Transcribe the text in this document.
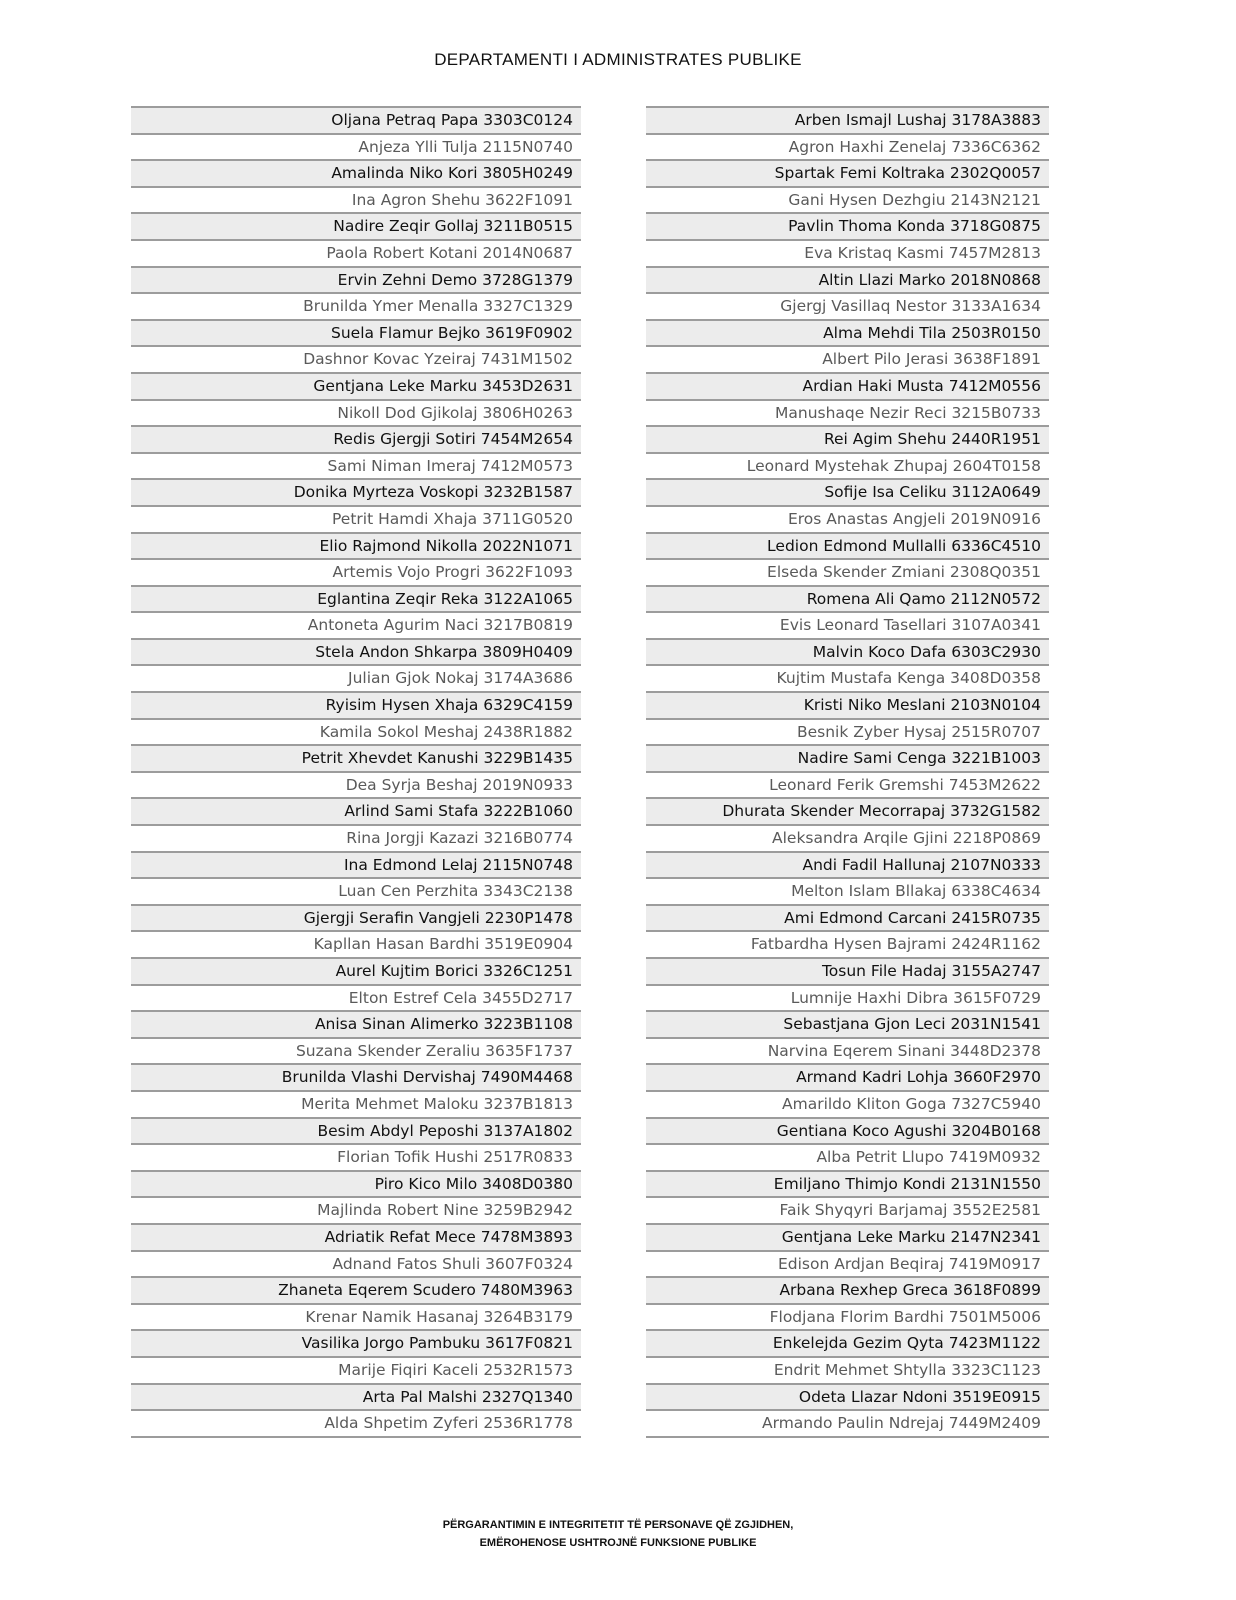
DEPARTAMENTI I ADMINISTRATES PUBLIKE
Oljana Petraq Papa 3303C0124
Anjeza Ylli Tulja 2115N0740
Amalinda Niko Kori 3805H0249
Ina Agron Shehu 3622F1091
Nadire Zeqir Gollaj 3211B0515
Paola Robert Kotani 2014N0687
Ervin Zehni Demo 3728G1379
Brunilda Ymer Menalla 3327C1329
Suela Flamur Bejko 3619F0902
Dashnor Kovac Yzeiraj 7431M1502
Gentjana Leke Marku 3453D2631
Nikoll Dod Gjikolaj 3806H0263
Redis Gjergji Sotiri 7454M2654
Sami Niman Imeraj 7412M0573
Donika Myrteza Voskopi 3232B1587
Petrit Hamdi Xhaja 3711G0520
Elio Rajmond Nikolla 2022N1071
Artemis Vojo Progri 3622F1093
Eglantina Zeqir Reka 3122A1065
Antoneta Agurim Naci 3217B0819
Stela Andon Shkarpa 3809H0409
Julian Gjok Nokaj 3174A3686
Ryisim Hysen Xhaja 6329C4159
Kamila Sokol Meshaj 2438R1882
Petrit Xhevdet Kanushi 3229B1435
Dea Syrja Beshaj 2019N0933
Arlind Sami Stafa 3222B1060
Rina Jorgji Kazazi 3216B0774
Ina Edmond Lelaj 2115N0748
Luan Cen Perzhita 3343C2138
Gjergji Serafin Vangjeli 2230P1478
Kapllan Hasan Bardhi 3519E0904
Aurel Kujtim Borici 3326C1251
Elton Estref Cela 3455D2717
Anisa Sinan Alimerko 3223B1108
Suzana Skender Zeraliu 3635F1737
Brunilda Vlashi Dervishaj 7490M4468
Merita Mehmet Maloku 3237B1813
Besim Abdyl Peposhi 3137A1802
Florian Tofik Hushi 2517R0833
Piro Kico Milo 3408D0380
Majlinda Robert Nine 3259B2942
Adriatik Refat Mece 7478M3893
Adnand Fatos Shuli 3607F0324
Zhaneta Eqerem Scudero 7480M3963
Krenar Namik Hasanaj 3264B3179
Vasilika Jorgo Pambuku 3617F0821
Marije Fiqiri Kaceli 2532R1573
Arta Pal Malshi 2327Q1340
Alda Shpetim Zyferi 2536R1778
Arben Ismajl Lushaj 3178A3883
Agron Haxhi Zenelaj 7336C6362
Spartak Femi Koltraka 2302Q0057
Gani Hysen Dezhgiu 2143N2121
Pavlin Thoma Konda 3718G0875
Eva Kristaq Kasmi 7457M2813
Altin Llazi Marko 2018N0868
Gjergj Vasillaq Nestor 3133A1634
Alma Mehdi Tila 2503R0150
Albert Pilo Jerasi 3638F1891
Ardian Haki Musta 7412M0556
Manushaqe Nezir Reci 3215B0733
Rei Agim Shehu 2440R1951
Leonard Mystehak Zhupaj 2604T0158
Sofije Isa Celiku 3112A0649
Eros Anastas Angjeli 2019N0916
Ledion Edmond Mullalli 6336C4510
Elseda Skender Zmiani 2308Q0351
Romena Ali Qamo 2112N0572
Evis Leonard Tasellari 3107A0341
Malvin Koco Dafa 6303C2930
Kujtim Mustafa Kenga 3408D0358
Kristi Niko Meslani 2103N0104
Besnik Zyber Hysaj 2515R0707
Nadire Sami Cenga 3221B1003
Leonard Ferik Gremshi 7453M2622
Dhurata Skender Mecorrapaj 3732G1582
Aleksandra Arqile Gjini 2218P0869
Andi Fadil Hallunaj 2107N0333
Melton Islam Bllakaj 6338C4634
Ami Edmond Carcani 2415R0735
Fatbardha Hysen Bajrami 2424R1162
Tosun File Hadaj 3155A2747
Lumnije Haxhi Dibra 3615F0729
Sebastjana Gjon Leci 2031N1541
Narvina Eqerem Sinani 3448D2378
Armand Kadri Lohja 3660F2970
Amarildo Kliton Goga 7327C5940
Gentiana Koco Agushi 3204B0168
Alba Petrit Llupo 7419M0932
Emiljano Thimjo Kondi 2131N1550
Faik Shyqyri Barjamaj 3552E2581
Gentjana Leke Marku 2147N2341
Edison Ardjan Beqiraj 7419M0917
Arbana Rexhep Greca 3618F0899
Flodjana Florim Bardhi 7501M5006
Enkelejda Gezim Qyta 7423M1122
Endrit Mehmet Shtylla 3323C1123
Odeta Llazar Ndoni 3519E0915
Armando Paulin Ndrejaj 7449M2409
PËRGARANTIMIN E INTEGRITETIT TË PERSONAVE QË ZGJIDHEN,
EMËROHENOSE USHTROJNË FUNKSIONE PUBLIKE
